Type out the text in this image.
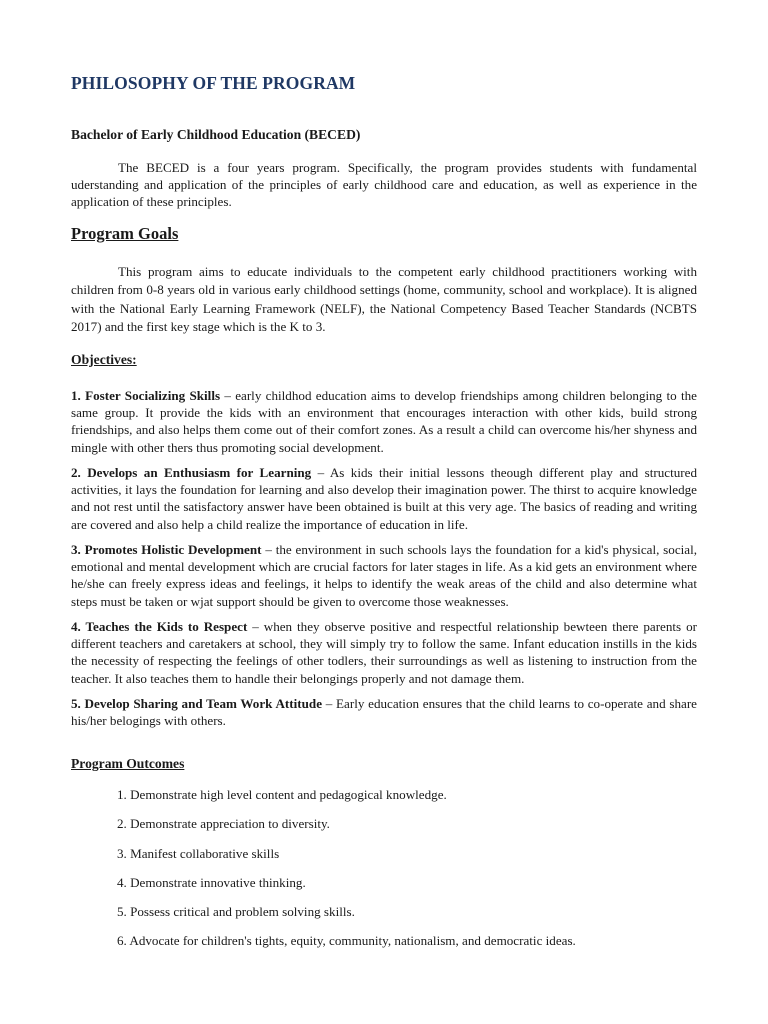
PHILOSOPHY OF THE PROGRAM
Bachelor of Early Childhood Education (BECED)

The BECED is a four years program. Specifically, the program provides students with fundamental uderstanding and application of the principles of early childhood care and education, as well as experience in the application of these principles.

Program Goals

This program aims to educate individuals to the competent early childhood practitioners working with children from 0-8 years old in various early childhood settings (home, community, school and workplace). It is aligned with the National Early Learning Framework (NELF), the National Competency Based Teacher Standards (NCBTS 2017) and the first key stage which is the K to 3.

Objectives:

1. Foster Socializing Skills – early childhod education aims to develop friendships among children belonging to the same group. It provide the kids with an environment that encourages interaction with other kids, build strong friendships, and also helps them come out of their comfort zones. As a result a child can overcome his/her shyness and mingle with other thers thus promoting social development.

2. Develops an Enthusiasm for Learning – As kids their initial lessons theough different play and structured activities, it lays the foundation for learning and also develop their imagination power. The thirst to acquire knowledge and not rest until the satisfactory answer have been obtained is built at this very age. The basics of reading and writing are covered and also help a child realize the importance of education in life.

3. Promotes Holistic Development – the environment in such schools lays the foundation for a kid's physical, social, emotional and mental development which are crucial factors for later stages in life. As a kid gets an environment where he/she can freely express ideas and feelings, it helps to identify the weak areas of the child and also determine what steps must be taken or wjat support should be given to overcome those weaknesses.

4. Teaches the Kids to Respect – when they observe positive and respectful relationship bewteen there parents or different teachers and caretakers at school, they will simply try to follow the same. Infant education instills in the kids the necessity of respecting the feelings of other todlers, their surroundings as well as listening to instruction from the teacher. It also teaches them to handle their belongings properly and not damage them.

5. Develop Sharing and Team Work Attitude – Early education ensures that the child learns to co-operate and share his/her belogings with others.

Program Outcomes
1. Demonstrate high level content and pedagogical knowledge.
2. Demonstrate appreciation to diversity.
3. Manifest collaborative skills
4. Demonstrate innovative thinking.
5. Possess critical and problem solving skills.
6. Advocate for children's tights, equity, community, nationalism, and democratic ideas.
